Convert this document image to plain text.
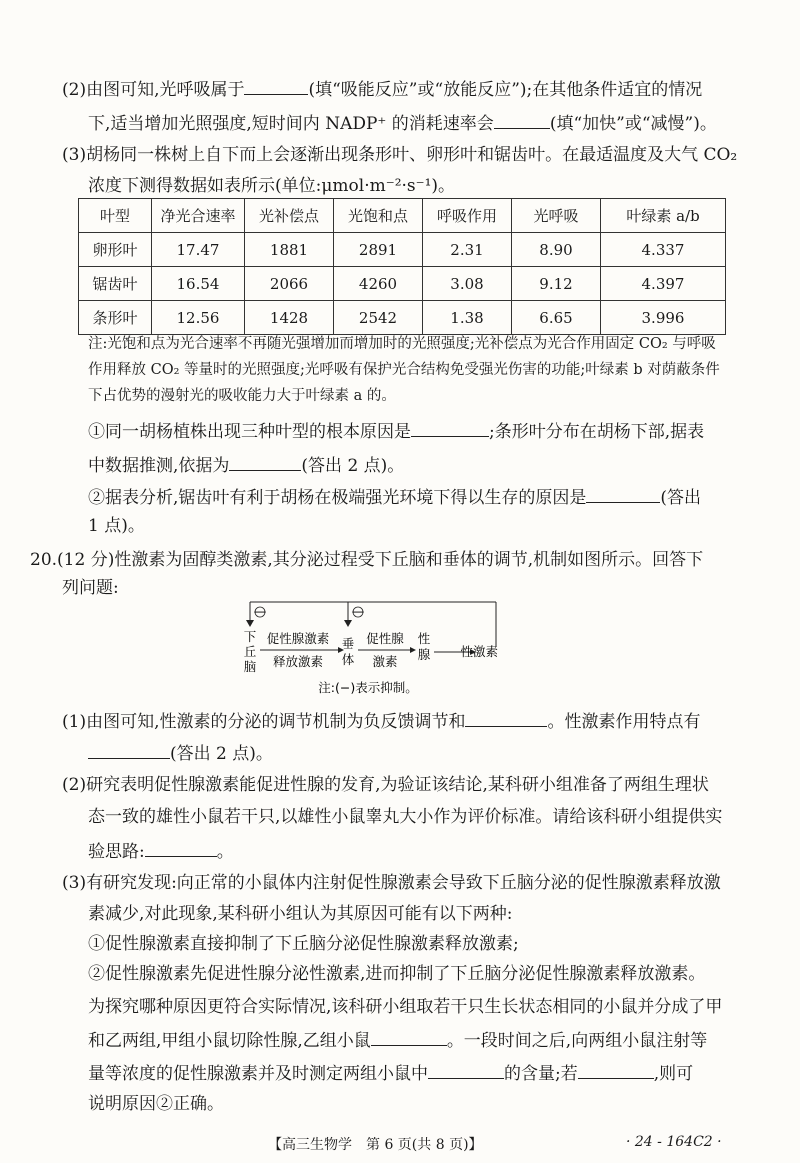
(2)由图可知,光呼吸属于	(填“吸能反应”或“放能反应”);在其他条件适宜的情况
下,适当增加光照强度,短时间内 NADP⁺ 的消耗速率会	(填“加快”或“减慢”)。
(3)胡杨同一株树上自下而上会逐渐出现条形叶、卵形叶和锯齿叶。在最适温度及大气 CO₂
浓度下测得数据如表所示(单位:μmol·m⁻²·s⁻¹)。
叶型	净光合速率	光补偿点	光饱和点	呼吸作用	光呼吸	叶绿素 a/b
卵形叶	17.47	1881	2891	2.31	8.90	4.337
锯齿叶	16.54	2066	4260	3.08	9.12	4.397
条形叶	12.56	1428	2542	1.38	6.65	3.996
注:光饱和点为光合速率不再随光强增加而增加时的光照强度;光补偿点为光合作用固定 CO₂ 与呼吸
作用释放 CO₂ 等量时的光照强度;光呼吸有保护光合结构免受强光伤害的功能;叶绿素 b 对荫蔽条件
下占优势的漫射光的吸收能力大于叶绿素 a 的。
①同一胡杨植株出现三种叶型的根本原因是	;条形叶分布在胡杨下部,据表
中数据推测,依据为	(答出 2 点)。
②据表分析,锯齿叶有利于胡杨在极端强光环境下得以生存的原因是	(答出
1 点)。
20.(12 分)性激素为固醇类激素,其分泌过程受下丘脑和垂体的调节,机制如图所示。回答下
列问题:
—	—
下
丘
脑
促性腺激素
释放激素
垂
体
促性腺
激素
性
腺 性激素
注:(−)表示抑制。
(1)由图可知,性激素的分泌的调节机制为负反馈调节和	。性激素作用特点有
(答出 2 点)。
(2)研究表明促性腺激素能促进性腺的发育,为验证该结论,某科研小组准备了两组生理状
态一致的雄性小鼠若干只,以雄性小鼠睾丸大小作为评价标准。请给该科研小组提供实
验思路:	。
(3)有研究发现:向正常的小鼠体内注射促性腺激素会导致下丘脑分泌的促性腺激素释放激
素减少,对此现象,某科研小组认为其原因可能有以下两种:
①促性腺激素直接抑制了下丘脑分泌促性腺激素释放激素;
②促性腺激素先促进性腺分泌性激素,进而抑制了下丘脑分泌促性腺激素释放激素。
为探究哪种原因更符合实际情况,该科研小组取若干只生长状态相同的小鼠并分成了甲
和乙两组,甲组小鼠切除性腺,乙组小鼠	。一段时间之后,向两组小鼠注射等
量等浓度的促性腺激素并及时测定两组小鼠中	的含量;若	,则可
说明原因②正确。
【高三生物学　第 6 页(共 8 页)】	· 24 - 164C2 ·
